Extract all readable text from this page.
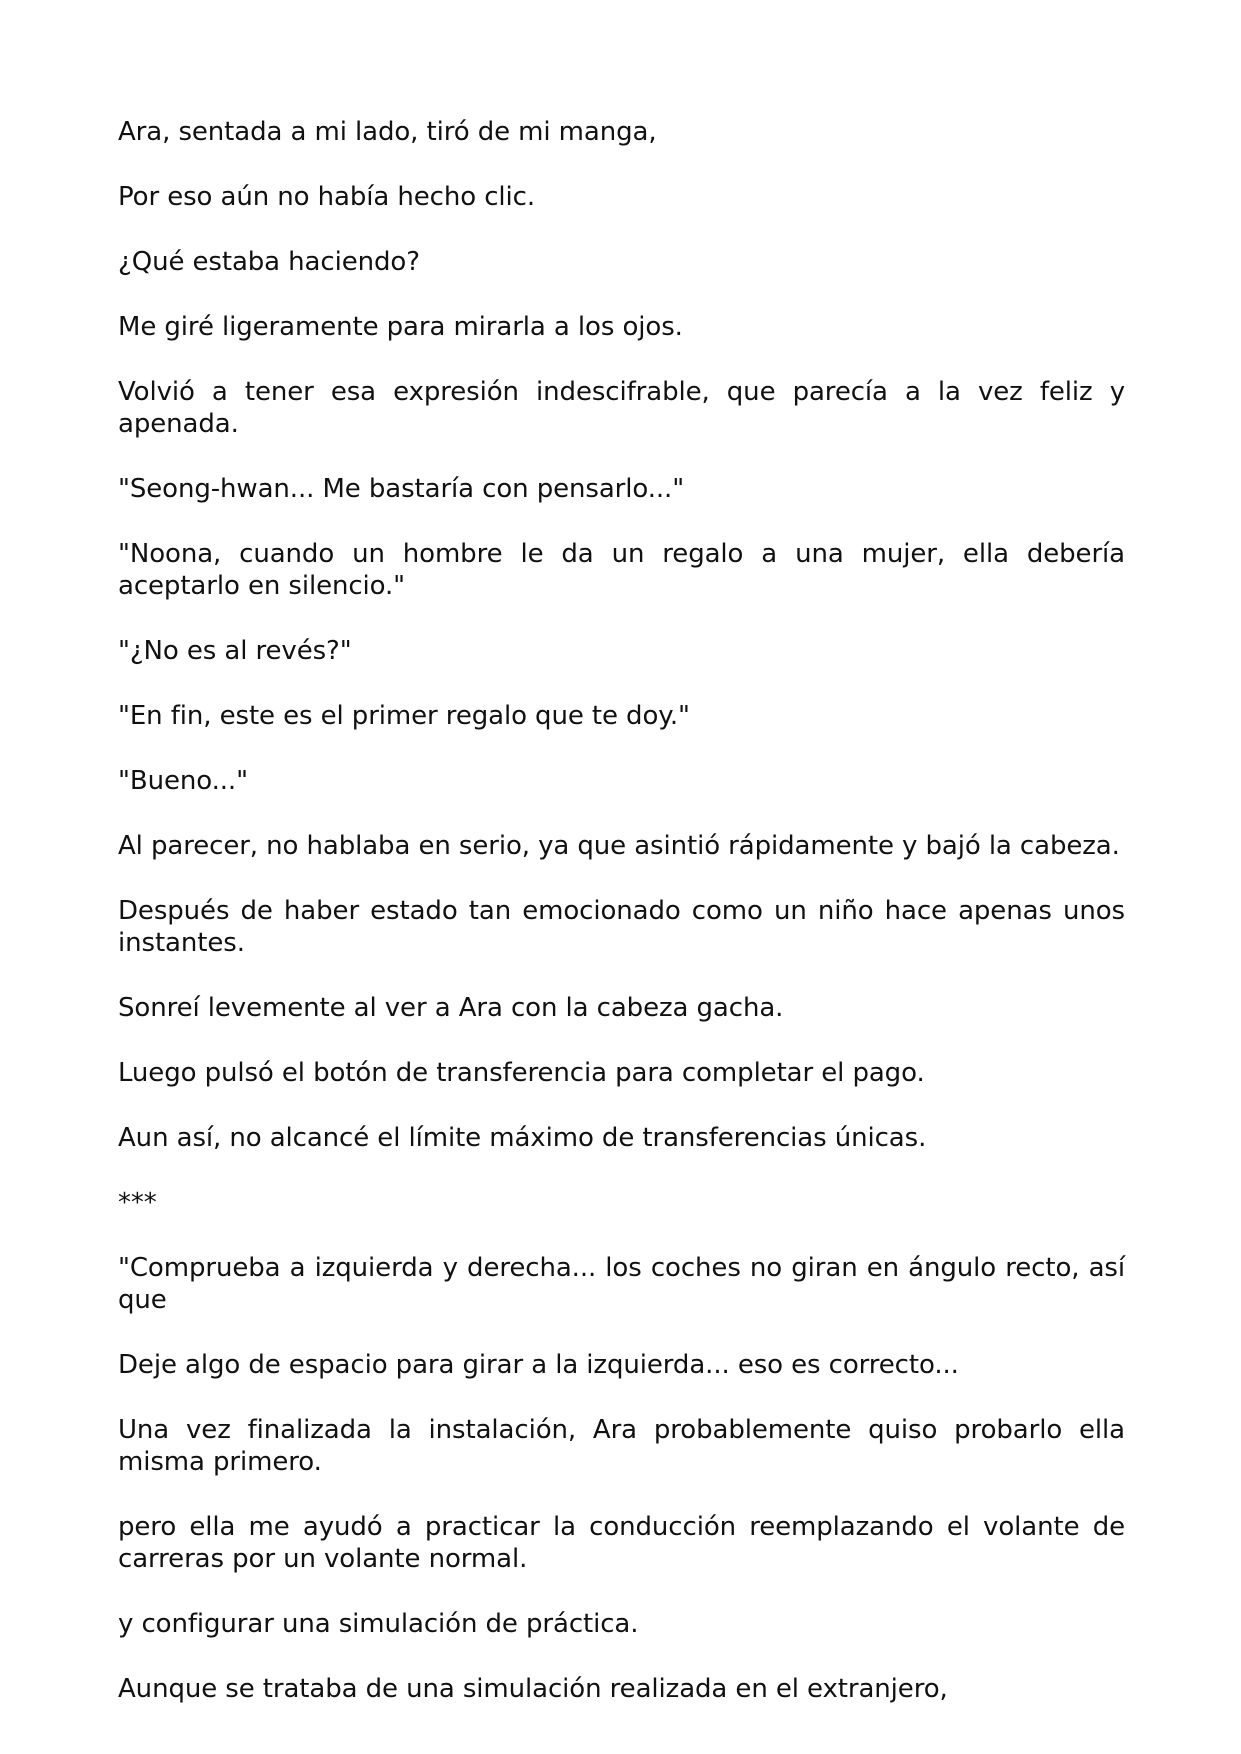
Ara, sentada a mi lado, tiró de mi manga,

Por eso aún no había hecho clic.

¿Qué estaba haciendo?

Me giré ligeramente para mirarla a los ojos.

Volvió a tener esa expresión indescifrable, que parecía a la vez feliz y apenada.

"Seong-hwan... Me bastaría con pensarlo..."

"Noona, cuando un hombre le da un regalo a una mujer, ella debería aceptarlo en silencio."

"¿No es al revés?"

"En fin, este es el primer regalo que te doy."

"Bueno..."

Al parecer, no hablaba en serio, ya que asintió rápidamente y bajó la cabeza.

Después de haber estado tan emocionado como un niño hace apenas unos instantes.

Sonreí levemente al ver a Ara con la cabeza gacha.

Luego pulsó el botón de transferencia para completar el pago.

Aun así, no alcancé el límite máximo de transferencias únicas.

***

"Comprueba a izquierda y derecha... los coches no giran en ángulo recto, así que

Deje algo de espacio para girar a la izquierda... eso es correcto...

Una vez finalizada la instalación, Ara probablemente quiso probarlo ella misma primero.

pero ella me ayudó a practicar la conducción reemplazando el volante de carreras por un volante normal.

y configurar una simulación de práctica.

Aunque se trataba de una simulación realizada en el extranjero,
